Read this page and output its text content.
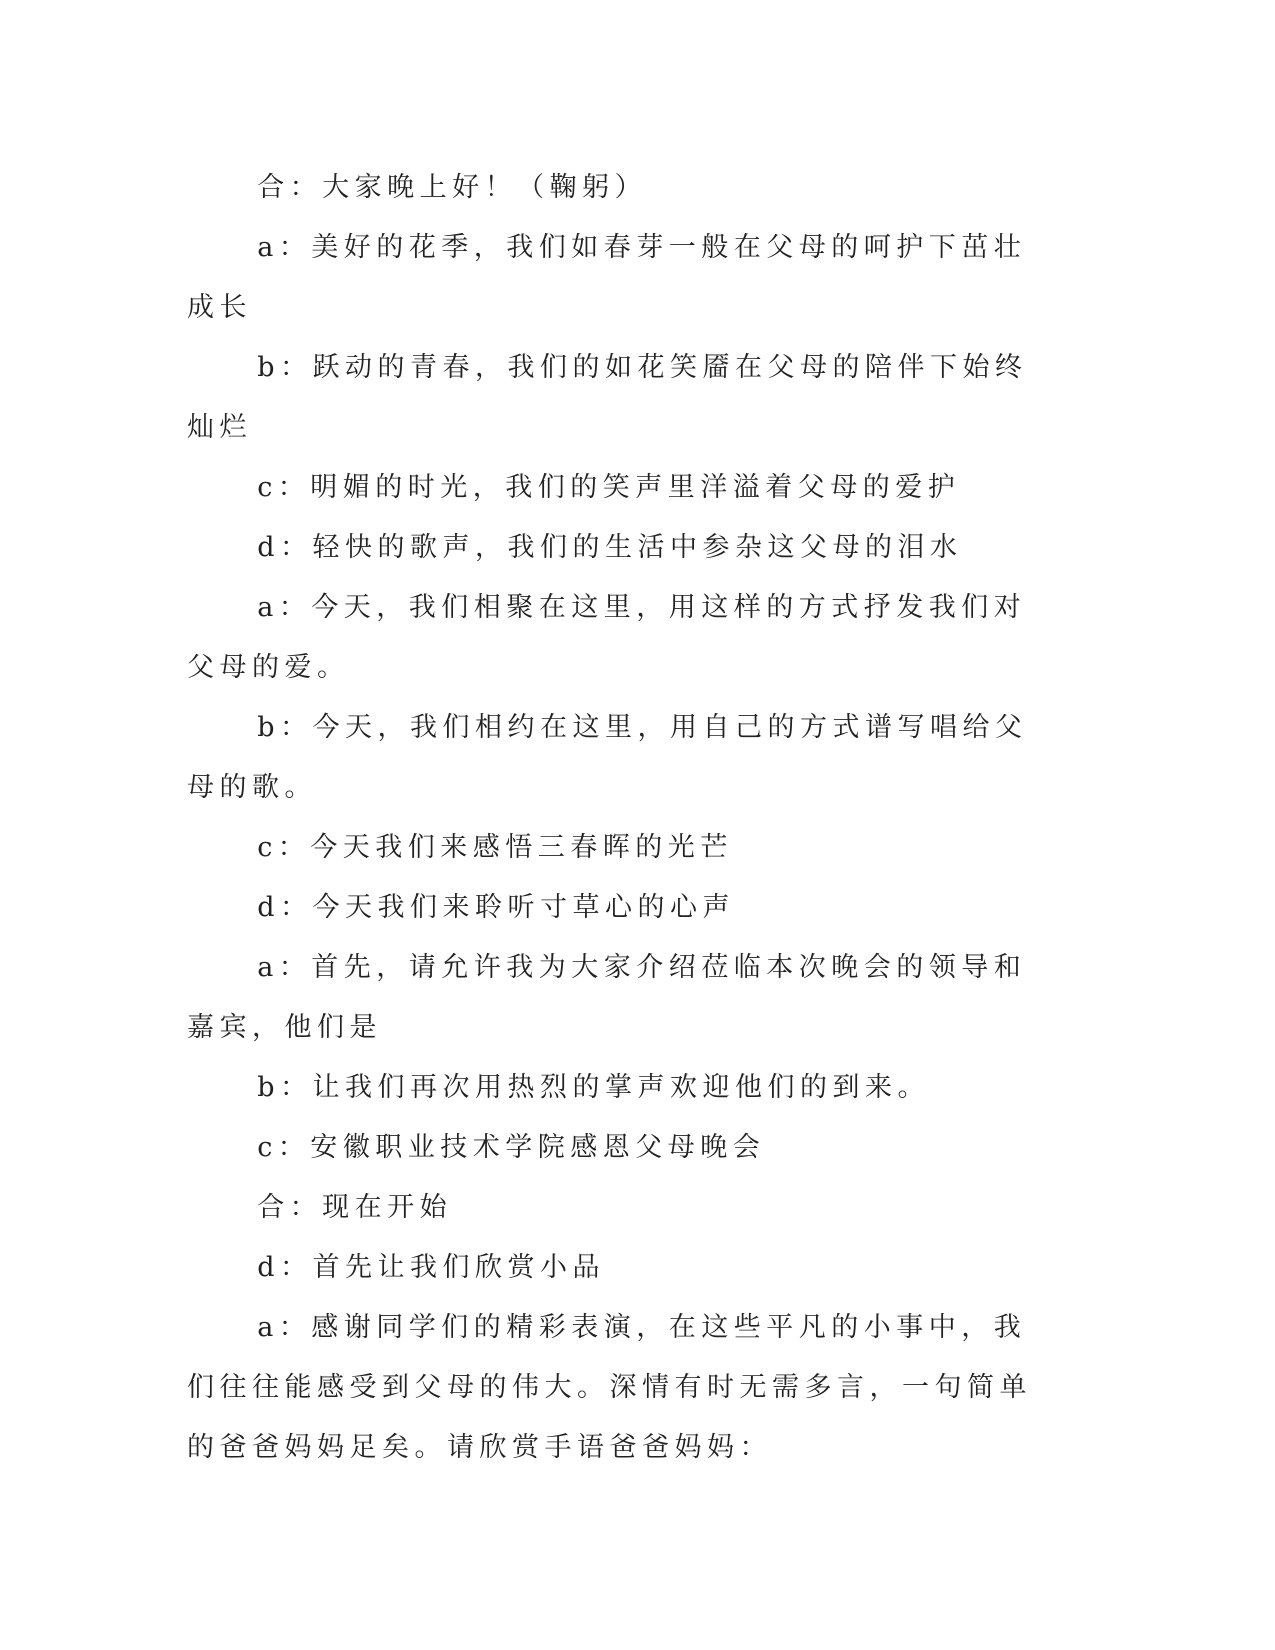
合：大家晚上好！（鞠躬）

a：美好的花季，我们如春芽一般在父母的呵护下茁壮成长

b：跃动的青春，我们的如花笑靥在父母的陪伴下始终灿烂

c：明媚的时光，我们的笑声里洋溢着父母的爱护

d：轻快的歌声，我们的生活中参杂这父母的泪水

a：今天，我们相聚在这里，用这样的方式抒发我们对父母的爱。

b：今天，我们相约在这里，用自己的方式谱写唱给父母的歌。

c：今天我们来感悟三春晖的光芒

d：今天我们来聆听寸草心的心声

a：首先，请允许我为大家介绍莅临本次晚会的领导和嘉宾，他们是

b：让我们再次用热烈的掌声欢迎他们的到来。

c：安徽职业技术学院感恩父母晚会

合：现在开始

d：首先让我们欣赏小品

a：感谢同学们的精彩表演，在这些平凡的小事中，我们往往能感受到父母的伟大。深情有时无需多言，一句简单的爸爸妈妈足矣。请欣赏手语爸爸妈妈：
